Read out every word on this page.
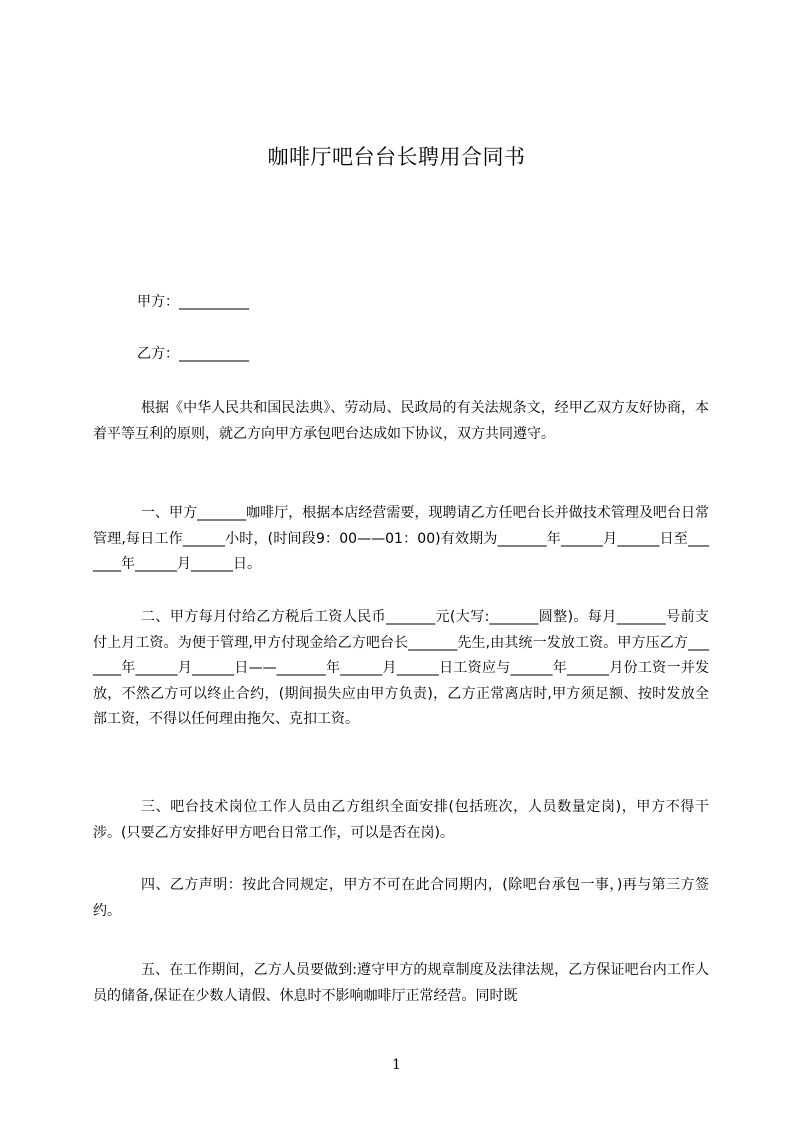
咖啡厅吧台台长聘用合同书
甲方：__________
乙方：__________

根据《中华人民共和国民法典》、劳动局、民政局的有关法规条文，经甲乙双方友好协商，本着平等互利的原则，就乙方向甲方承包吧台达成如下协议，双方共同遵守。

一、甲方_______咖啡厅，根据本店经营需要，现聘请乙方任吧台长并做技术管理及吧台日常管理,每日工作______小时，(时间段9：00——01：00)有效期为_______年______月______日至_______年______月______日。

二、甲方每月付给乙方税后工资人民币_______元(大写:_______圆整)。每月_______号前支付上月工资。为便于管理,甲方付现金给乙方吧台长_______先生,由其统一发放工资。甲方压乙方_______年______月______日——_______年______月______日工资应与______年______月份工资一并发放，不然乙方可以终止合约，(期间损失应由甲方负责)，乙方正常离店时,甲方须足额、按时发放全部工资，不得以任何理由拖欠、克扣工资。

三、吧台技术岗位工作人员由乙方组织全面安排(包括班次，人员数量定岗)，甲方不得干涉。(只要乙方安排好甲方吧台日常工作，可以是否在岗)。

四、乙方声明：按此合同规定，甲方不可在此合同期内，(除吧台承包一事，)再与第三方签约。

五、在工作期间，乙方人员要做到:遵守甲方的规章制度及法律法规，乙方保证吧台内工作人员的储备,保证在少数人请假、休息时不影响咖啡厅正常经营。同时既

1
